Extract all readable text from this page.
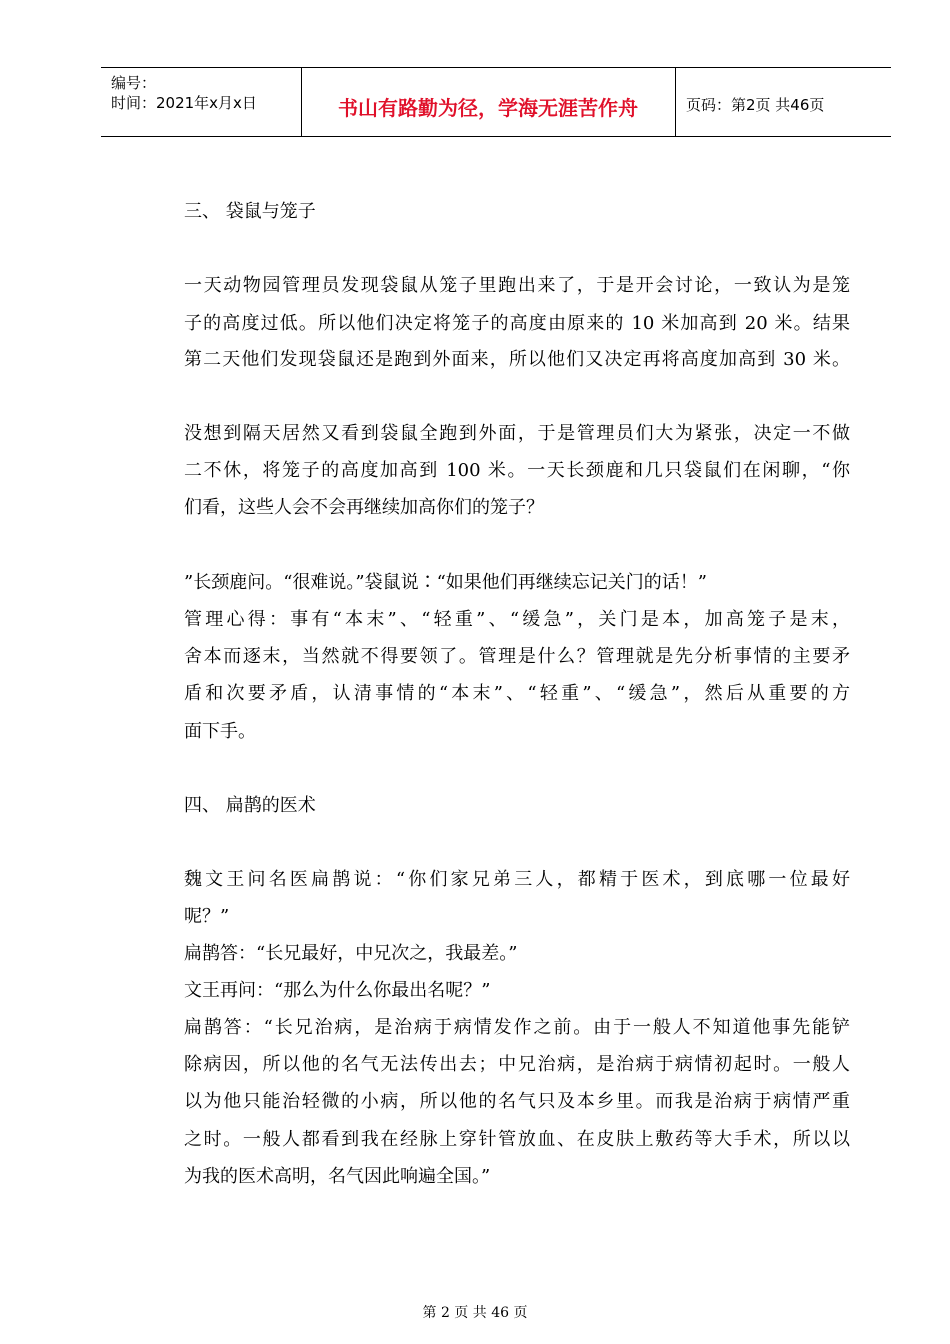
编号：
时间：2021年x月x日	书山有路勤为径，学海无涯苦作舟	页码：第2页 共46页
三、 袋鼠与笼子
一天动物园管理员发现袋鼠从笼子里跑出来了，于是开会讨论，一致认为是笼
子的高度过低。所以他们决定将笼子的高度由原来的 10 米加高到 20 米。结果
第二天他们发现袋鼠还是跑到外面来，所以他们又决定再将高度加高到 30 米。
没想到隔天居然又看到袋鼠全跑到外面，于是管理员们大为紧张，决定一不做
二不休，将笼子的高度加高到 100 米。一天长颈鹿和几只袋鼠们在闲聊，“你
们看，这些人会不会再继续加高你们的笼子？
”长颈鹿问。“很难说。”袋鼠说∶“如果他们再继续忘记关门的话！”
管理心得：事有“本末”、“轻重”、“缓急”，关门是本，加高笼子是末，
舍本而逐末，当然就不得要领了。管理是什么？管理就是先分析事情的主要矛
盾和次要矛盾，认清事情的“本末”、“轻重”、“缓急”，然后从重要的方
面下手。
四、 扁鹊的医术
魏文王问名医扁鹊说：“你们家兄弟三人，都精于医术，到底哪一位最好
呢？”
扁鹊答：“长兄最好，中兄次之，我最差。”
文王再问：“那么为什么你最出名呢？”
扁鹊答：“长兄治病，是治病于病情发作之前。由于一般人不知道他事先能铲
除病因，所以他的名气无法传出去；中兄治病，是治病于病情初起时。一般人
以为他只能治轻微的小病，所以他的名气只及本乡里。而我是治病于病情严重
之时。一般人都看到我在经脉上穿针管放血、在皮肤上敷药等大手术，所以以
为我的医术高明，名气因此响遍全国。”
第 2 页 共 46 页
